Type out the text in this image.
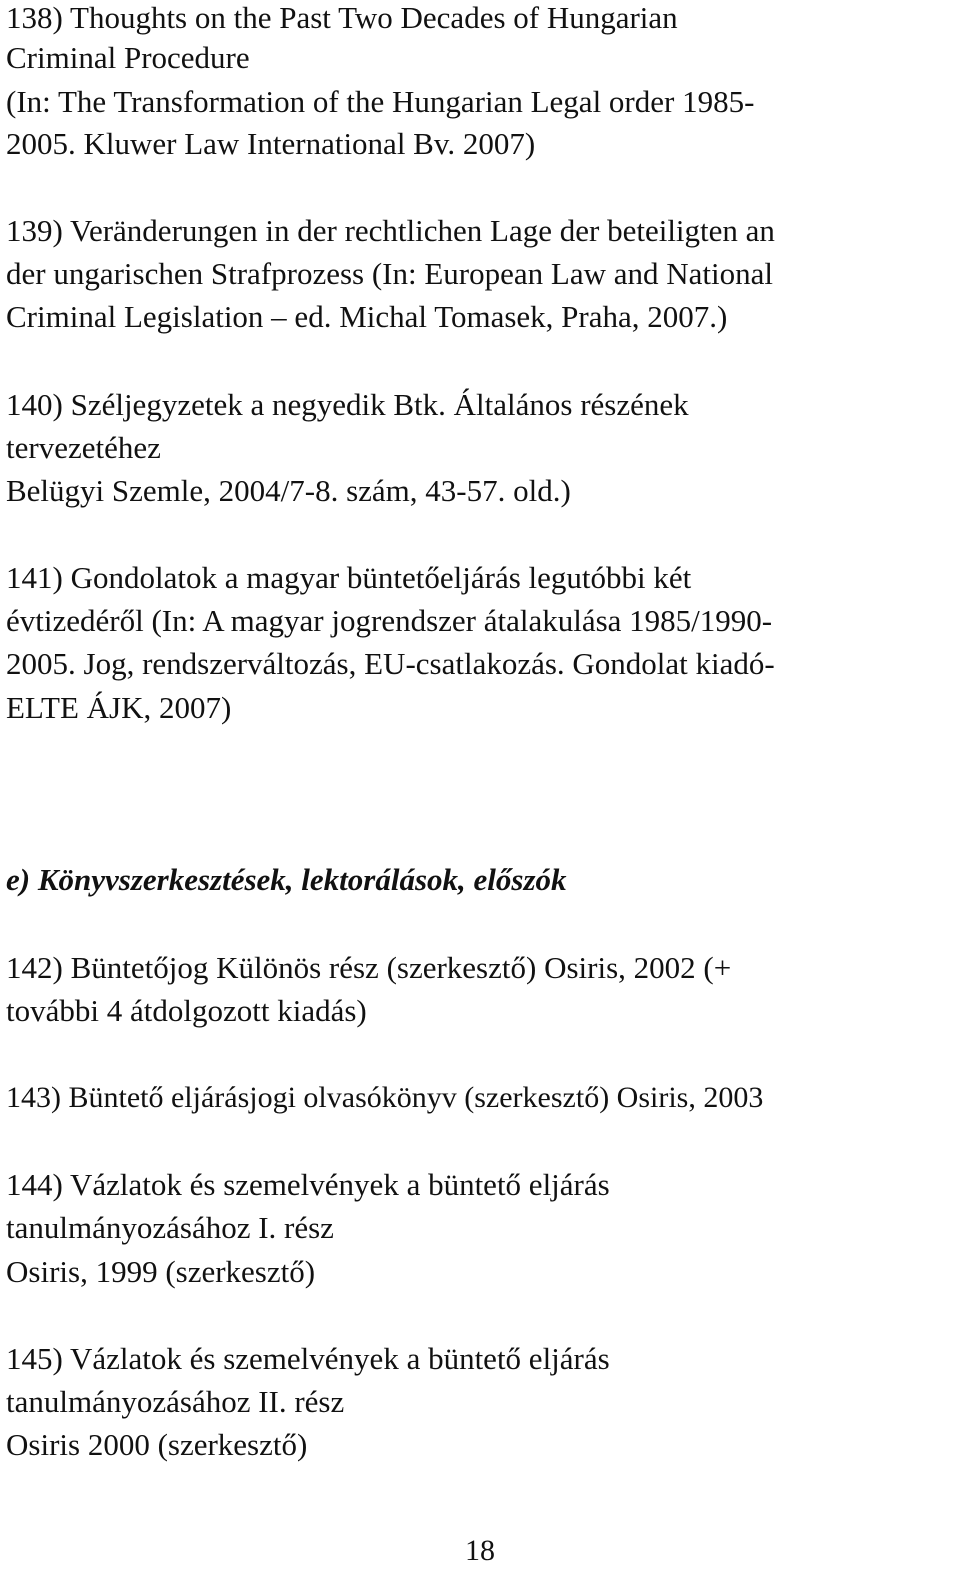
138) Thoughts on the Past Two Decades of Hungarian
Criminal Procedure
(In: The Transformation of the Hungarian Legal order 1985-
2005. Kluwer Law International Bv. 2007)
139) Veränderungen in der rechtlichen Lage der beteiligten an
der ungarischen Strafprozess (In: European Law and National
Criminal Legislation – ed. Michal Tomasek, Praha, 2007.)
140) Széljegyzetek a negyedik Btk. Általános részének
tervezetéhez
Belügyi Szemle, 2004/7-8. szám, 43-57. old.)
141) Gondolatok a magyar büntetőeljárás legutóbbi két
évtizedéről (In: A magyar jogrendszer átalakulása 1985/1990-
2005. Jog, rendszerváltozás, EU-csatlakozás. Gondolat kiadó-
ELTE ÁJK, 2007)
e) Könyvszerkesztések, lektorálások, előszók
142) Büntetőjog Különös rész (szerkesztő) Osiris, 2002 (+
további 4 átdolgozott kiadás)
143) Büntető eljárásjogi olvasókönyv (szerkesztő) Osiris, 2003
144) Vázlatok és szemelvények a büntető eljárás
tanulmányozásához I. rész
Osiris, 1999 (szerkesztő)
145) Vázlatok és szemelvények a büntető eljárás
tanulmányozásához II. rész
Osiris 2000 (szerkesztő)
18
